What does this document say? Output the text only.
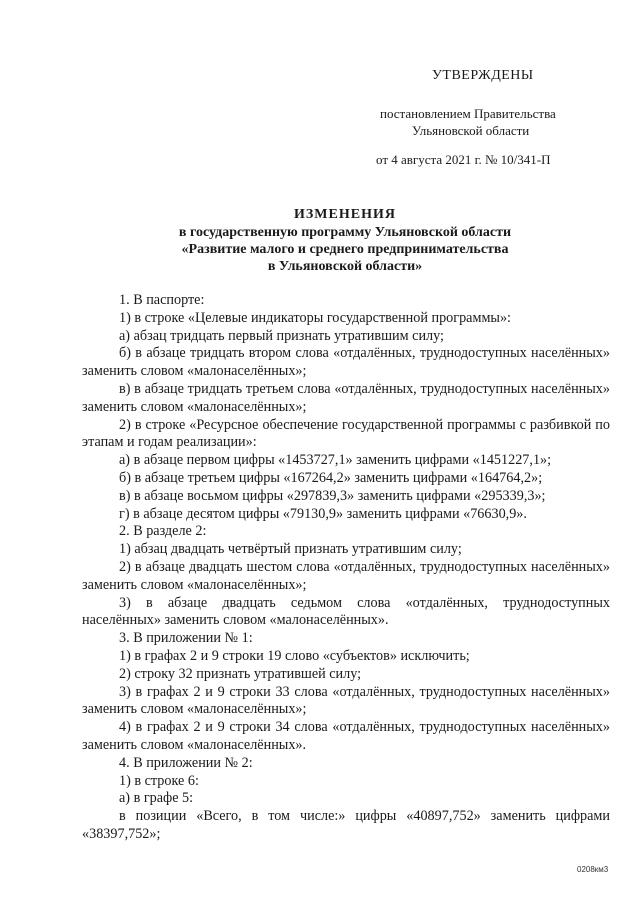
УТВЕРЖДЕНЫ
постановлением Правительства
Ульяновской области
от 4 августа 2021 г. № 10/341-П
ИЗМЕНЕНИЯ
в государственную программу Ульяновской области
«Развитие малого и среднего предпринимательства
в Ульяновской области»

1. В паспорте:

1) в строке «Целевые индикаторы государственной программы»:

а) абзац тридцать первый признать утратившим силу;

б) в абзаце тридцать втором слова «отдалённых, труднодоступных населённых» заменить словом «малонаселённых»;

в) в абзаце тридцать третьем слова «отдалённых, труднодоступных населённых» заменить словом «малонаселённых»;

2) в строке «Ресурсное обеспечение государственной программы с разбивкой по этапам и годам реализации»:

а) в абзаце первом цифры «1453727,1» заменить цифрами «1451227,1»;

б) в абзаце третьем цифры «167264,2» заменить цифрами «164764,2»;

в) в абзаце восьмом цифры «297839,3» заменить цифрами «295339,3»;

г) в абзаце десятом цифры «79130,9» заменить цифрами «76630,9».

2. В разделе 2:

1) абзац двадцать четвёртый признать утратившим силу;

2) в абзаце двадцать шестом слова «отдалённых, труднодоступных населённых» заменить словом «малонаселённых»;

3) в абзаце двадцать седьмом слова «отдалённых, труднодоступных населённых» заменить словом «малонаселённых».

3. В приложении № 1:

1) в графах 2 и 9 строки 19 слово «субъектов» исключить;

2) строку 32 признать утратившей силу;

3) в графах 2 и 9 строки 33 слова «отдалённых, труднодоступных населённых» заменить словом «малонаселённых»;

4) в графах 2 и 9 строки 34 слова «отдалённых, труднодоступных населённых» заменить словом «малонаселённых».

4. В приложении № 2:

1) в строке 6:

а) в графе 5:

в позиции «Всего, в том числе:» цифры «40897,752» заменить цифрами «38397,752»;

0208км3
